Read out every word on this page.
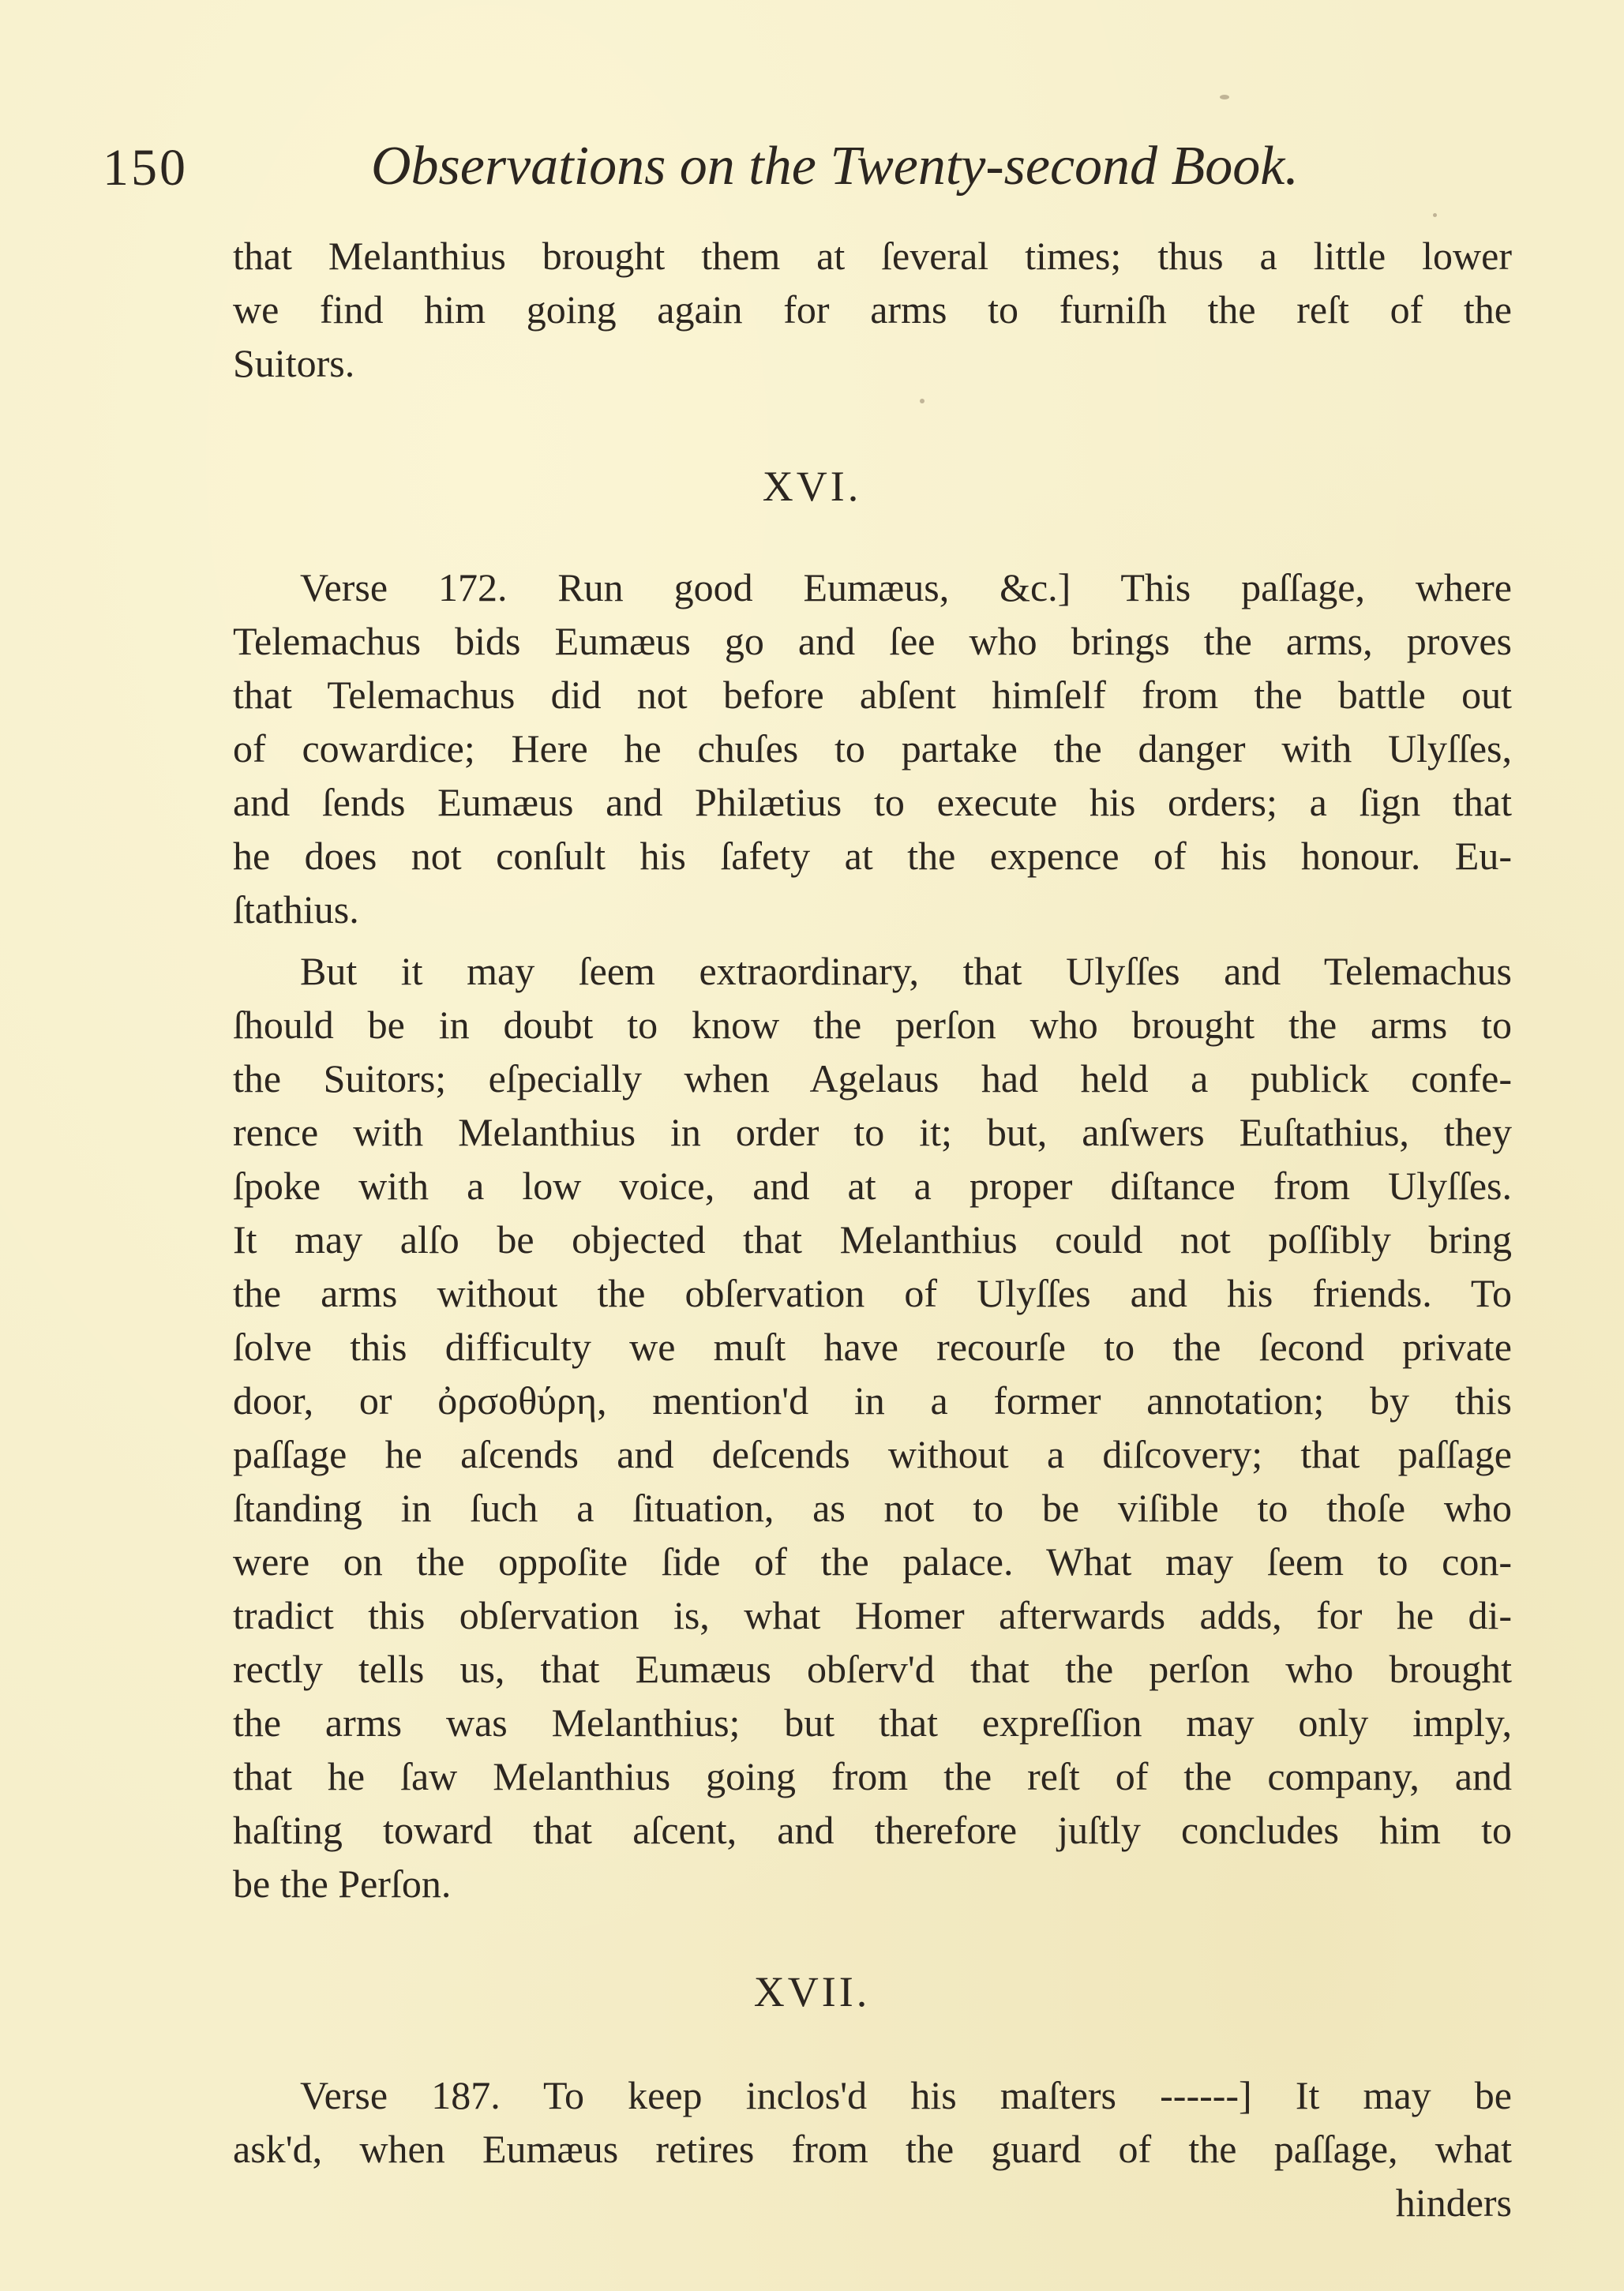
150	Observations on the Twenty-second Book.
that Melanthius brought them at ſeveral times; thus a little lower
we find him going again for arms to furniſh the reſt of the
Suitors.
XVI.
Verse 172. Run good Eumæus, &c.] This paſſage, where
Telemachus bids Eumæus go and ſee who brings the arms, proves
that Telemachus did not before abſent himſelf from the battle out
of cowardice; Here he chuſes to partake the danger with Ulyſſes,
and ſends Eumæus and Philætius to execute his orders; a ſign that
he does not conſult his ſafety at the expence of his honour. Eu-
ſtathius.
But it may ſeem extraordinary, that Ulyſſes and Telemachus
ſhould be in doubt to know the perſon who brought the arms to
the Suitors; eſpecially when Agelaus had held a publick confe-
rence with Melanthius in order to it; but, anſwers Euſtathius, they
ſpoke with a low voice, and at a proper diſtance from Ulyſſes.
It may alſo be objected that Melanthius could not poſſibly bring
the arms without the obſervation of Ulyſſes and his friends. To
ſolve this difficulty we muſt have recourſe to the ſecond private
door, or ὀρσοθύρη, mention'd in a former annotation; by this
paſſage he aſcends and deſcends without a diſcovery; that paſſage
ſtanding in ſuch a ſituation, as not to be viſible to thoſe who
were on the oppoſite ſide of the palace. What may ſeem to con-
tradict this obſervation is, what Homer afterwards adds, for he di-
rectly tells us, that Eumæus obſerv'd that the perſon who brought
the arms was Melanthius; but that expreſſion may only imply,
that he ſaw Melanthius going from the reſt of the company, and
haſting toward that aſcent, and therefore juſtly concludes him to
be the Perſon.
XVII.
Verse 187. To keep inclos'd his maſters ------] It may be
ask'd, when Eumæus retires from the guard of the paſſage, what
hinders
